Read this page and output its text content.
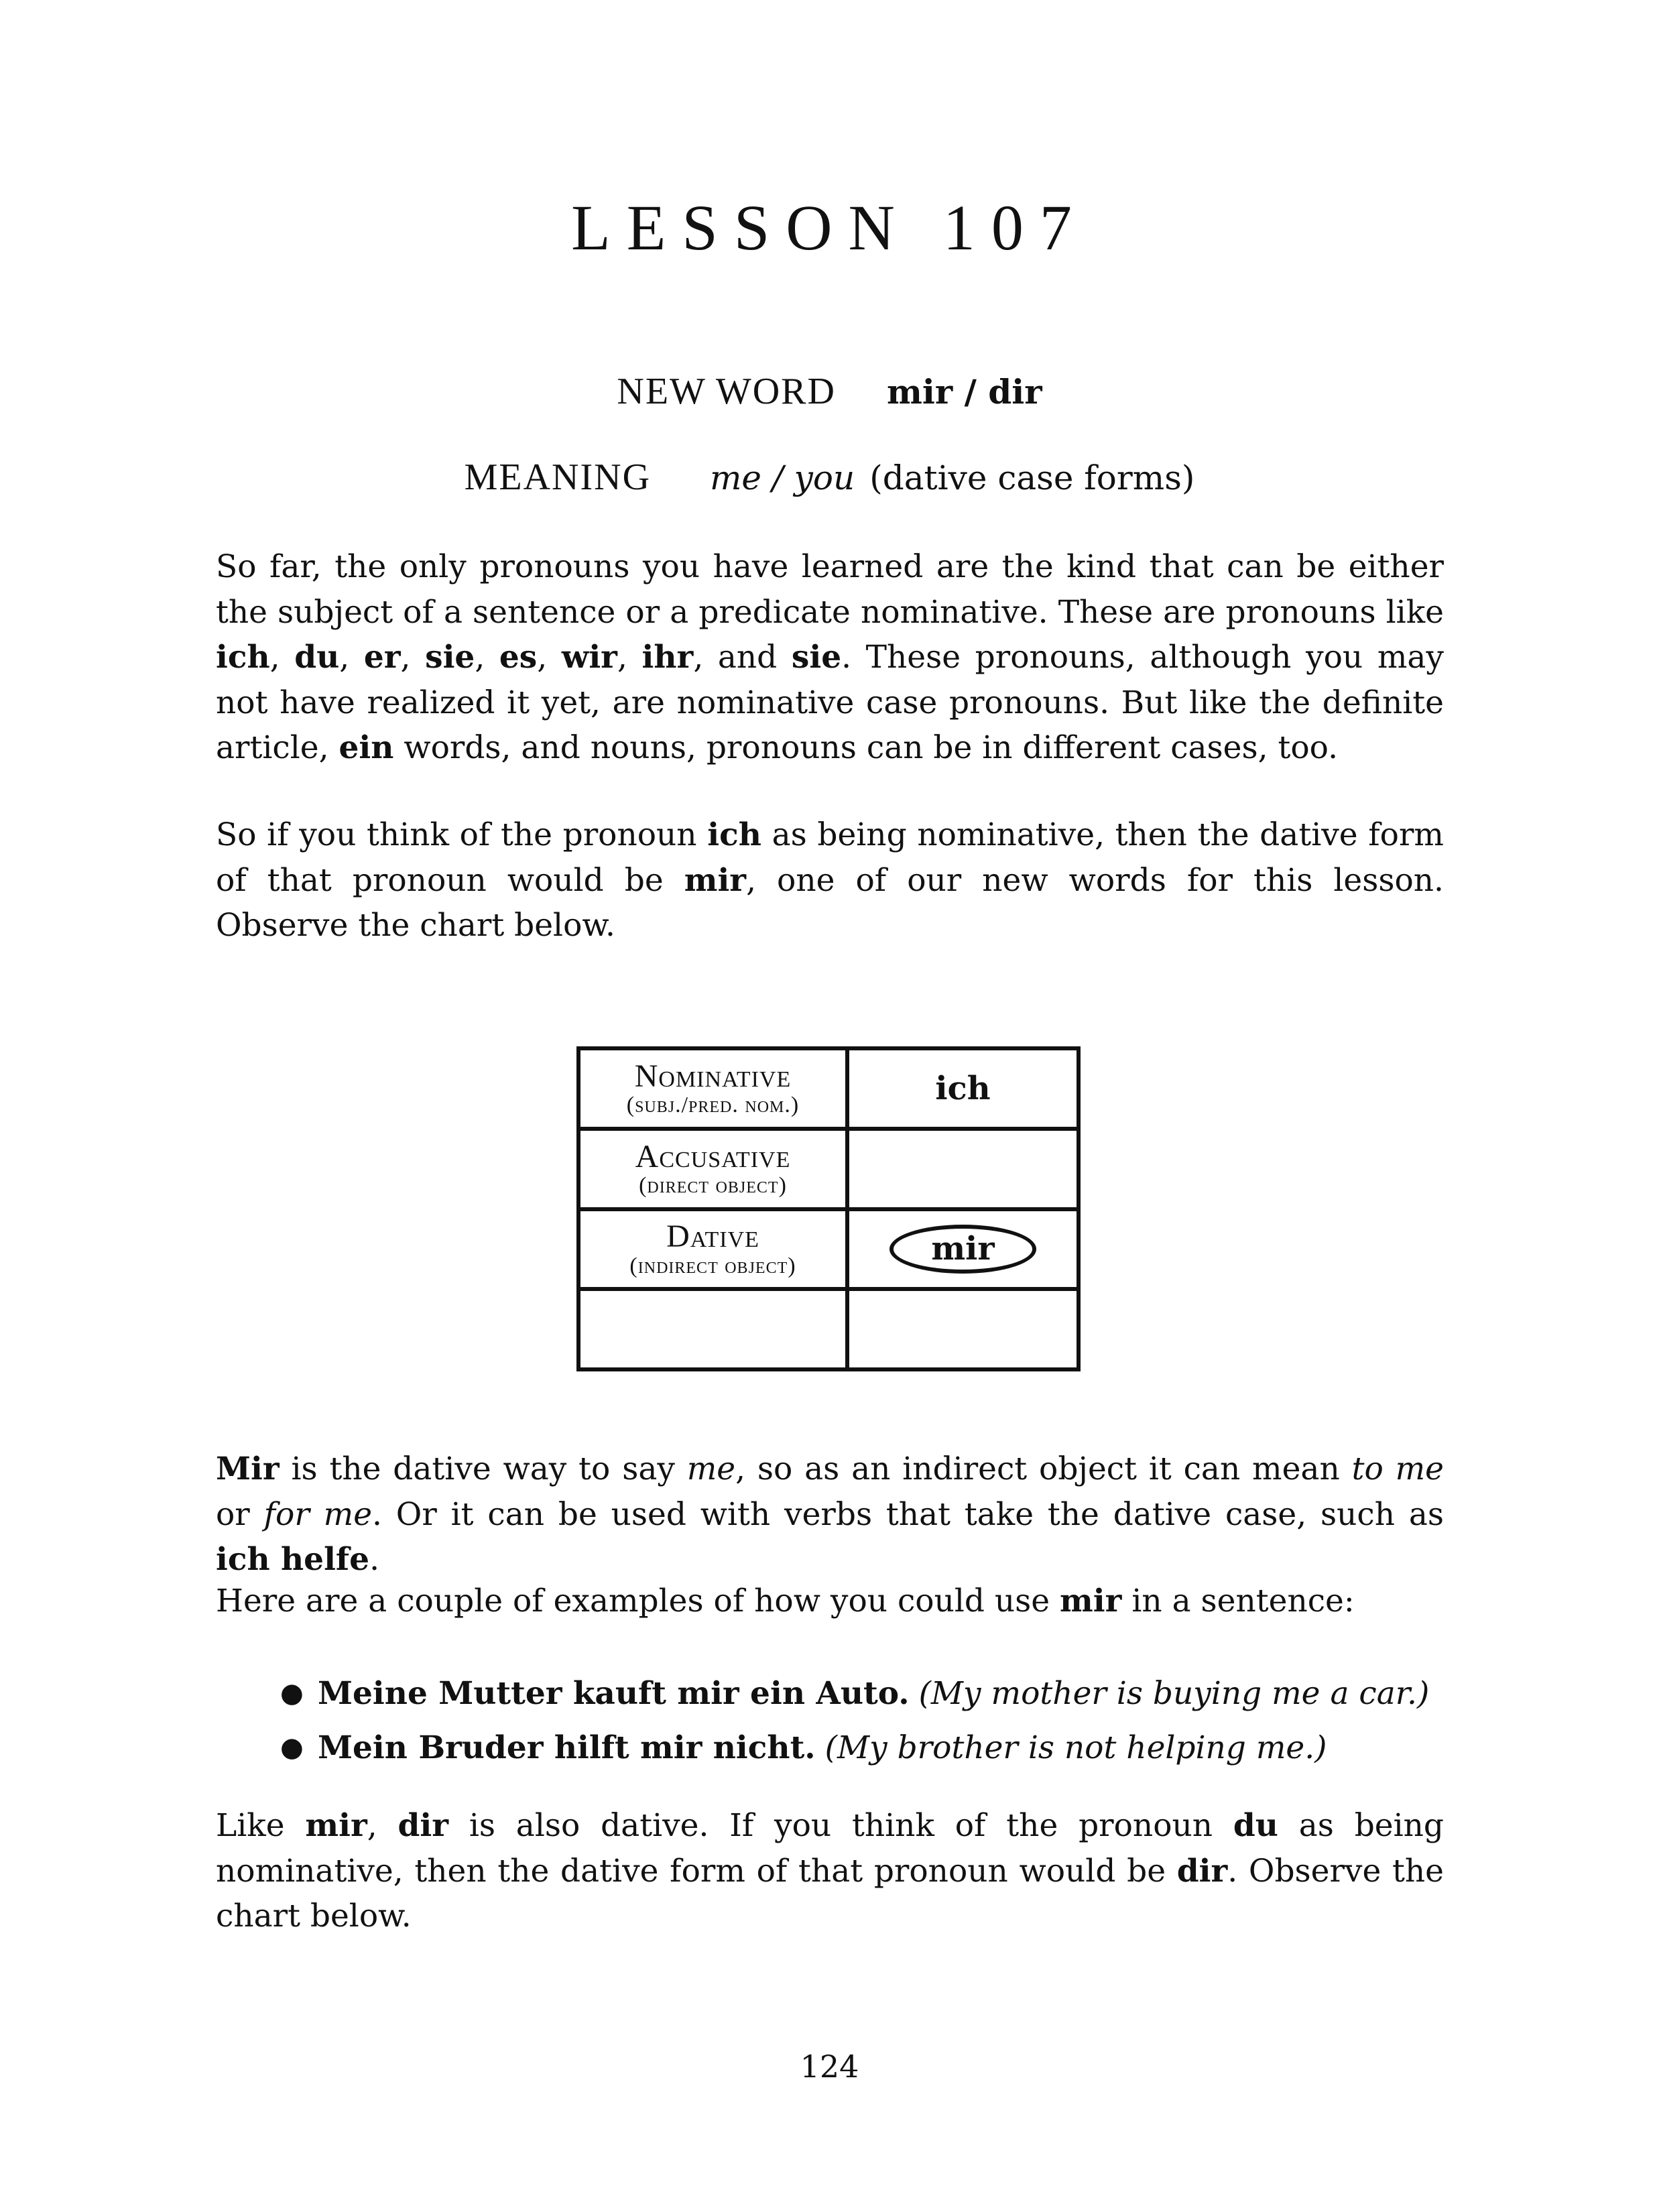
LESSON 107
NEW WORD mir / dir
MEANING me / you (dative case forms)

So far, the only pronouns you have learned are the kind that can be either the subject of a sentence or a predicate nominative. These are pronouns like ich, du, er, sie, es, wir, ihr, and sie. These pronouns, although you may not have realized it yet, are nominative case pronouns. But like the definite article, ein words, and nouns, pronouns can be in different cases, too.

So if you think of the pronoun ich as being nominative, then the dative form of that pronoun would be mir, one of our new words for this lesson. Observe the chart below.

Nominative
(subj./pred. nom.)	ich

Accusative
(direct object)	

Dative
(indirect object)	mir

Mir is the dative way to say me, so as an indirect object it can mean to me or for me. Or it can be used with verbs that take the dative case, such as ich helfe.

Here are a couple of examples of how you could use mir in a sentence:

● Meine Mutter kauft mir ein Auto. (My mother is buying me a car.)
● Mein Bruder hilft mir nicht. (My brother is not helping me.)

Like mir, dir is also dative. If you think of the pronoun du as being nominative, then the dative form of that pronoun would be dir. Observe the chart below.

124
